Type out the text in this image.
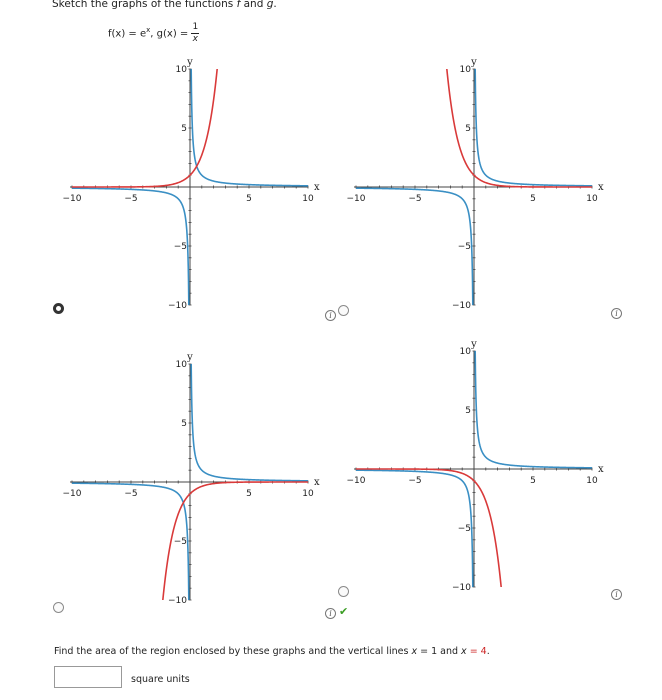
Sketch the graphs of the functions f and g.
$f(x) = e^x$, $g(x) = \frac{1}{x}$
−10	−5	5	10
10
5
−5
−10
x
y
−10	−5	5	10
10
5
−5
−10
x
y
−10	−5	5	10
10
5
−5
−10
x
y
−10	−5	5	10
10
5
−5
−10
x
y
i	i
i ✔
i
Find the area of the region enclosed by these graphs and the vertical lines x = 1 and x = 4.
square units
